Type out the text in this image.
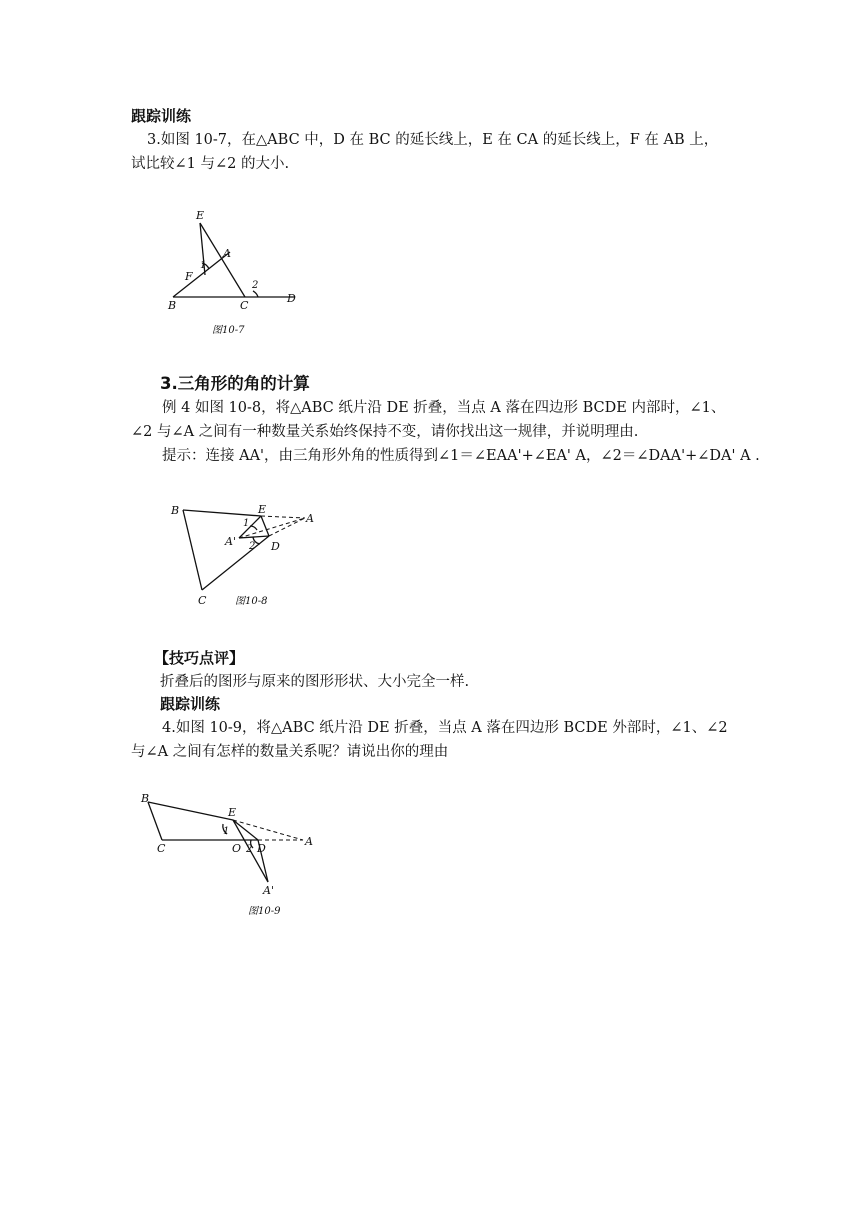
跟踪训练
3.如图 10-7，在△ABC 中，D 在 BC 的延长线上，E 在 CA 的延长线上，F 在 AB 上，
试比较∠1 与∠2 的大小.
E
A
F
1
B	C
2
D
图10-7
3.三角形的角的计算
例 4 如图 10-8，将△ABC 纸片沿 DE 折叠，当点 A 落在四边形 BCDE 内部时，∠1、
∠2 与∠A 之间有一种数量关系始终保持不变，请你找出这一规律，并说明理由.
提示：连接 AA'，由三角形外角的性质得到∠1＝∠EAA'+∠EA' A，∠2＝∠DAA'+∠DA' A .
B	E
A
1
A' 2 D
C	图10-8
【技巧点评】
折叠后的图形与原来的图形形状、大小完全一样.
跟踪训练
4.如图 10-9，将△ABC 纸片沿 DE 折叠，当点 A 落在四边形 BCDE 外部时，∠1、∠2
与∠A 之间有怎样的数量关系呢？请说出你的理由
B
E
1
C	O 2 D
A
A'
图10-9
